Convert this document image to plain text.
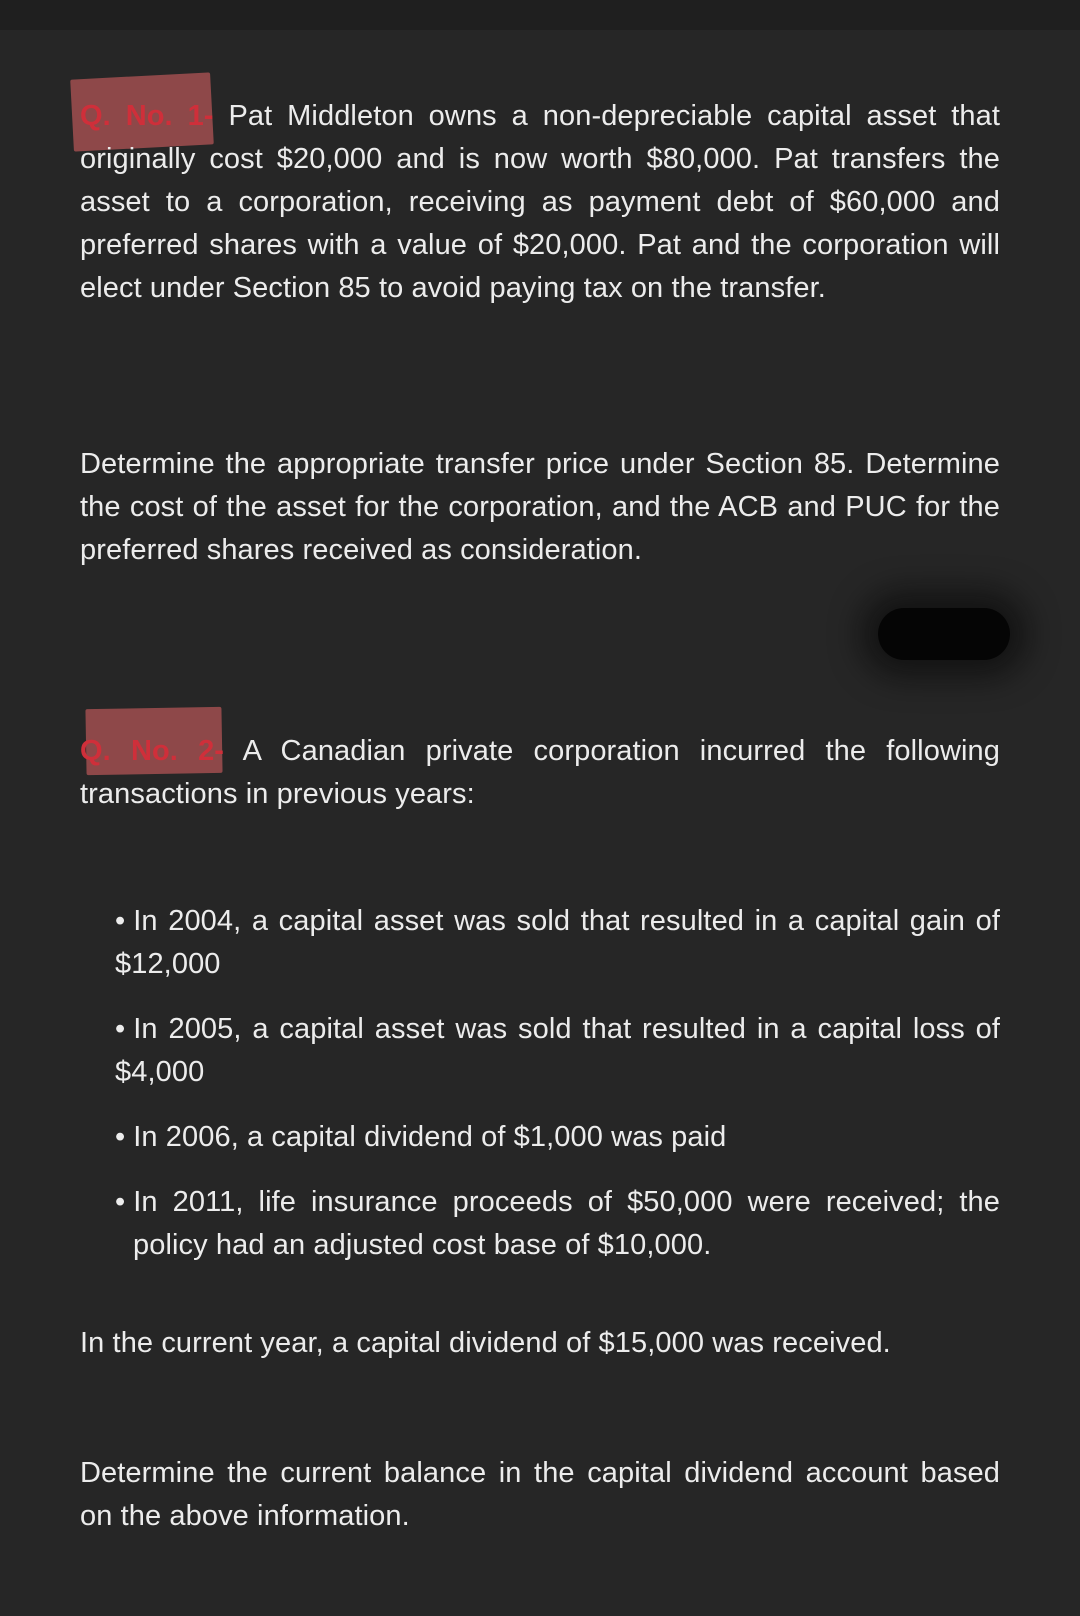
Q. No. 1- Pat Middleton owns a non-depreciable capital asset that originally cost $20,000 and is now worth $80,000. Pat transfers the asset to a corporation, receiving as payment debt of $60,000 and preferred shares with a value of $20,000. Pat and the corporation will elect under Section 85 to avoid paying tax on the transfer.

Determine the appropriate transfer price under Section 85. Determine the cost of the asset for the corporation, and the ACB and PUC for the preferred shares received as consideration.

Q. No. 2- A Canadian private corporation incurred the following transactions in previous years:

• In 2004, a capital asset was sold that resulted in a capital gain of $12,000

• In 2005, a capital asset was sold that resulted in a capital loss of $4,000

• In 2006, a capital dividend of $1,000 was paid

• In 2011, life insurance proceeds of $50,000 were received; the policy had an adjusted cost base of $10,000.

In the current year, a capital dividend of $15,000 was received.

Determine the current balance in the capital dividend account based on the above information.
